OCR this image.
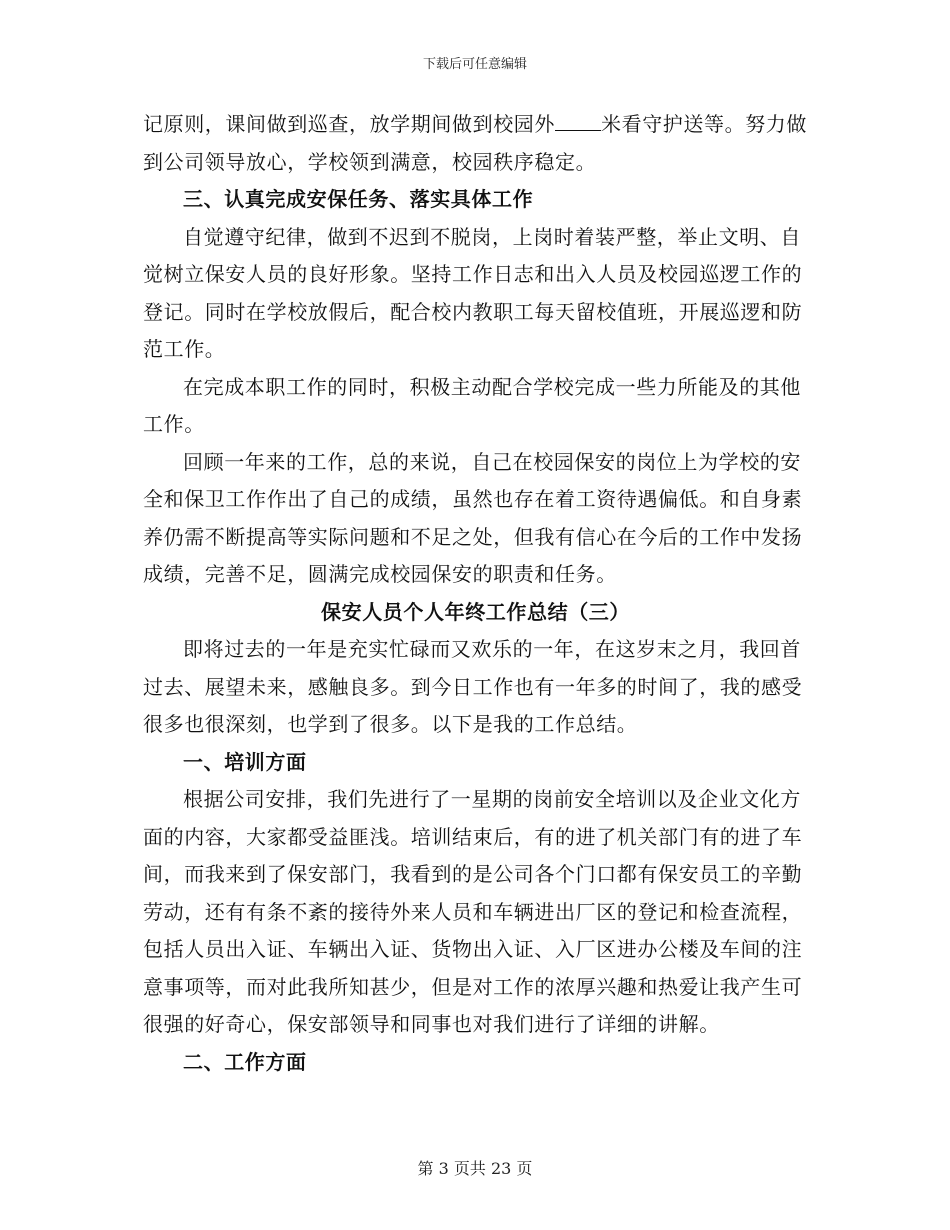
下载后可任意编辑

记原则，课间做到巡查，放学期间做到校园外 米看守护送等。努力做到公司领导放心，学校领到满意，校园秩序稳定。

三、认真完成安保任务、落实具体工作

自觉遵守纪律，做到不迟到不脱岗，上岗时着装严整，举止文明、自觉树立保安人员的良好形象。坚持工作日志和出入人员及校园巡逻工作的登记。同时在学校放假后，配合校内教职工每天留校值班，开展巡逻和防范工作。

在完成本职工作的同时，积极主动配合学校完成一些力所能及的其他工作。

回顾一年来的工作，总的来说，自己在校园保安的岗位上为学校的安全和保卫工作作出了自己的成绩，虽然也存在着工资待遇偏低。和自身素养仍需不断提高等实际问题和不足之处，但我有信心在今后的工作中发扬成绩，完善不足，圆满完成校园保安的职责和任务。

保安人员个人年终工作总结（三）

即将过去的一年是充实忙碌而又欢乐的一年，在这岁末之月，我回首过去、展望未来，感触良多。到今日工作也有一年多的时间了，我的感受很多也很深刻，也学到了很多。以下是我的工作总结。

一、培训方面

根据公司安排，我们先进行了一星期的岗前安全培训以及企业文化方面的内容，大家都受益匪浅。培训结束后，有的进了机关部门有的进了车间，而我来到了保安部门，我看到的是公司各个门口都有保安员工的辛勤劳动，还有有条不紊的接待外来人员和车辆进出厂区的登记和检查流程，包括人员出入证、车辆出入证、货物出入证、入厂区进办公楼及车间的注意事项等，而对此我所知甚少，但是对工作的浓厚兴趣和热爱让我产生可很强的好奇心，保安部领导和同事也对我们进行了详细的讲解。

二、工作方面

第 3 页共 23 页
